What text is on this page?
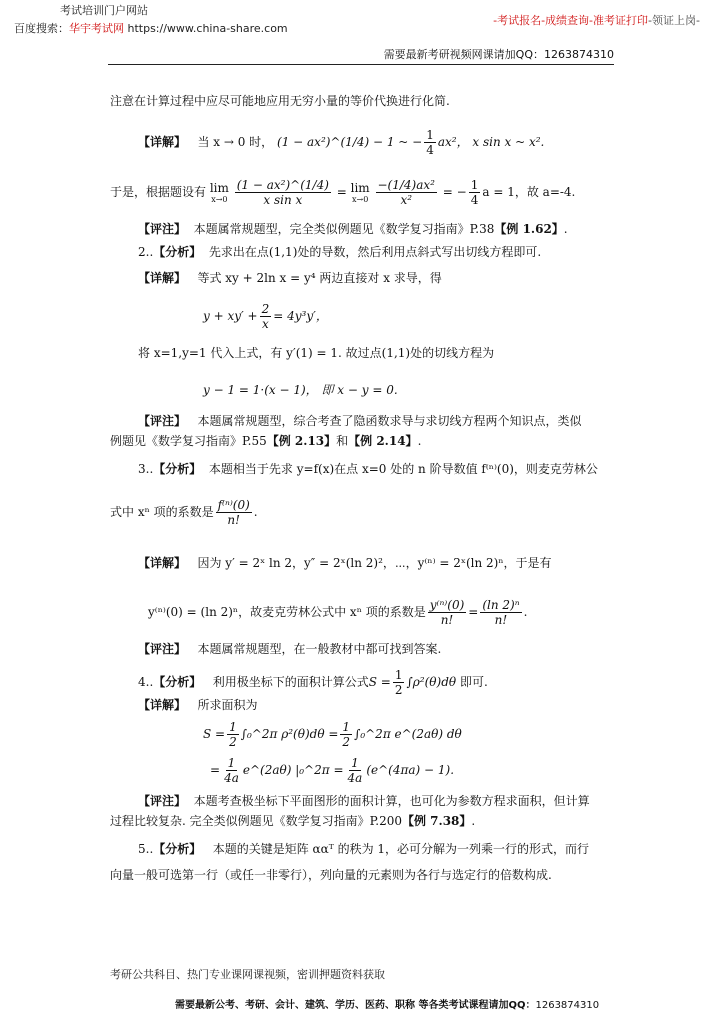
考试培训门户网站
百度搜索：华宇考试网 https://www.china-share.com
-考试报名-成绩查询-准考证打印-领证上岗-
需要最新考研视频网课请加QQ：1263874310
注意在计算过程中应尽可能地应用无穷小量的等价代换进行化简.
【详解】 当 x → 0 时， (1 − ax²)^(1/4) − 1 ~ − $\frac{1}{4} ax^2$， x sin x ~ x².
于是，根据题设有 lim
x→0
$\frac{\text{(1 − ax²)\textasciicircum{}(1/4)}}{\text{x sin x}} = \lim$
x→0
$\frac{\text{−(1/4)ax²}}{\text{x²}}$ = − $\frac{1}{4}$ a = 1，故 a=-4.
【评注】 本题属常规题型，完全类似例题见《数学复习指南》P.38【例 1.62】.
2..【分析】 先求出在点(1,1)处的导数，然后利用点斜式写出切线方程即可.
【详解】 等式 xy + 2ln x = y⁴ 两边直接对 x 求导，得
$y + xy' + \frac{2}{x} = 4y^3y'$，
将 x=1,y=1 代入上式，有 y′(1) = 1. 故过点(1,1)处的切线方程为
y − 1 = 1·(x − 1)， 即 x − y = 0.
【评注】 本题属常规题型，综合考查了隐函数求导与求切线方程两个知识点，类似
例题见《数学复习指南》P.55【例 2.13】和【例 2.14】.
3..【分析】 本题相当于先求 y=f(x)在点 x=0 处的 n 阶导数值 f⁽ⁿ⁾(0)，则麦克劳林公
式中 xⁿ 项的系数是 $\frac{\text{f⁽ⁿ⁾(0)}}{n!}$ .
【详解】 因为 y′ = 2ˣ ln 2，y″ = 2ˣ(ln 2)²，⋯，y⁽ⁿ⁾ = 2ˣ(ln 2)ⁿ，于是有
y⁽ⁿ⁾(0) = (ln 2)ⁿ，故麦克劳林公式中 xⁿ 项的系数是 $\frac{\text{y⁽ⁿ⁾(0)}}{n!} = \frac{\text{(ln 2)ⁿ}}{n!}$ .
【评注】 本题属常规题型，在一般教材中都可找到答案.
4..【分析】 利用极坐标下的面积计算公式$S = \frac{1}{2} \int\rho^2(\theta)d\theta$ 即可.
【详解】 所求面积为
$S = \frac{1}{2}$ ∫₀^2π $\rho^2(\theta)d\theta = \frac{1}{2}$ ∫₀^2π e^(2aθ) dθ
= $\frac{1}{4a}$ e^(2aθ) |₀^2π = $\frac{1}{4a}$ (e^(4πa) − 1).
【评注】 本题考查极坐标下平面图形的面积计算，也可化为参数方程求面积，但计算
过程比较复杂. 完全类似例题见《数学复习指南》P.200【例 7.38】.
5..【分析】 本题的关键是矩阵 ααᵀ 的秩为 1，必可分解为一列乘一行的形式，而行
向量一般可选第一行（或任一非零行），列向量的元素则为各行与选定行的倍数构成.
考研公共科目、热门专业课网课视频，密训押题资料获取
需要最新公考、考研、会计、建筑、学历、医药、职称 等各类考试课程请加QQ：1263874310
